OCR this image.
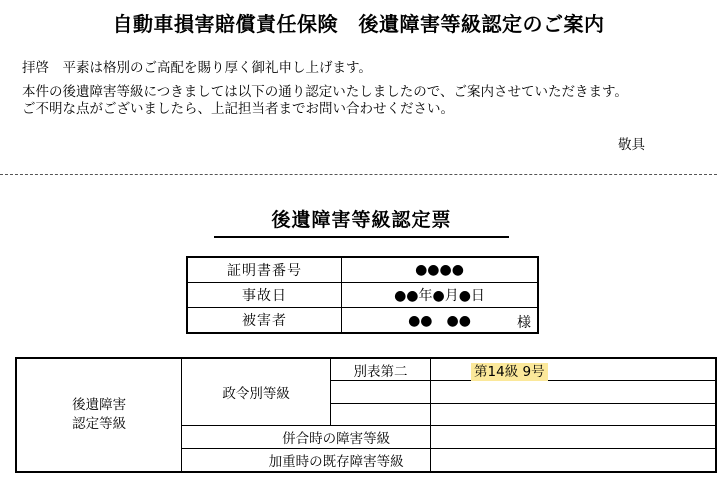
自動車損害賠償責任保険　後遺障害等級認定のご案内
拝啓　平素は格別のご高配を賜り厚く御礼申し上げます。
本件の後遺障害等級につきましては以下の通り認定いたしましたので、ご案内させていただきます。
ご不明な点がございましたら、上記担当者までお問い合わせください。
敬具
後遺障害等級認定票
証明書番号	●●●●
事故日	●●年●月●日
被害者	●●　●● 様
後遺障害
認定等級	政令別等級	別表第二	第14級 9号

	併合時の障害等級		
	加重時の既存障害等級		
